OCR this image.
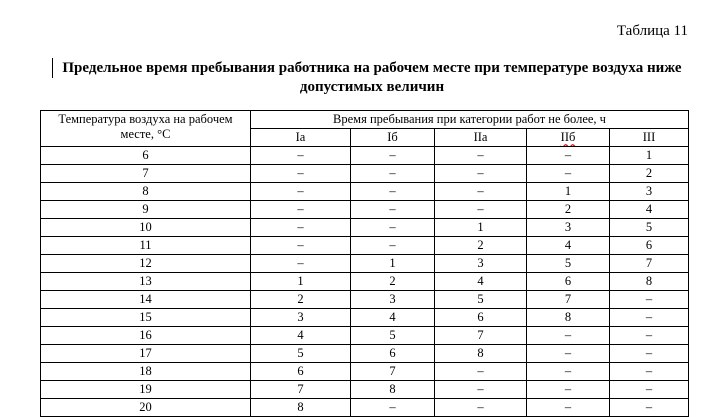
Таблица 11
Предельное время пребывания работника на рабочем месте при температуре воздуха ниже допустимых величин
Температура воздуха на рабочем месте, °С	Время пребывания при категории работ не более, ч				
	Iа	Iб	IIа	IIб	III
6	–	–	–	–	1
7	–	–	–	–	2
8	–	–	–	1	3
9	–	–	–	2	4
10	–	–	1	3	5
11	–	–	2	4	6
12	–	1	3	5	7
13	1	2	4	6	8
14	2	3	5	7	–
15	3	4	6	8	–
16	4	5	7	–	–
17	5	6	8	–	–
18	6	7	–	–	–
19	7	8	–	–	–
20	8	–	–	–	–
